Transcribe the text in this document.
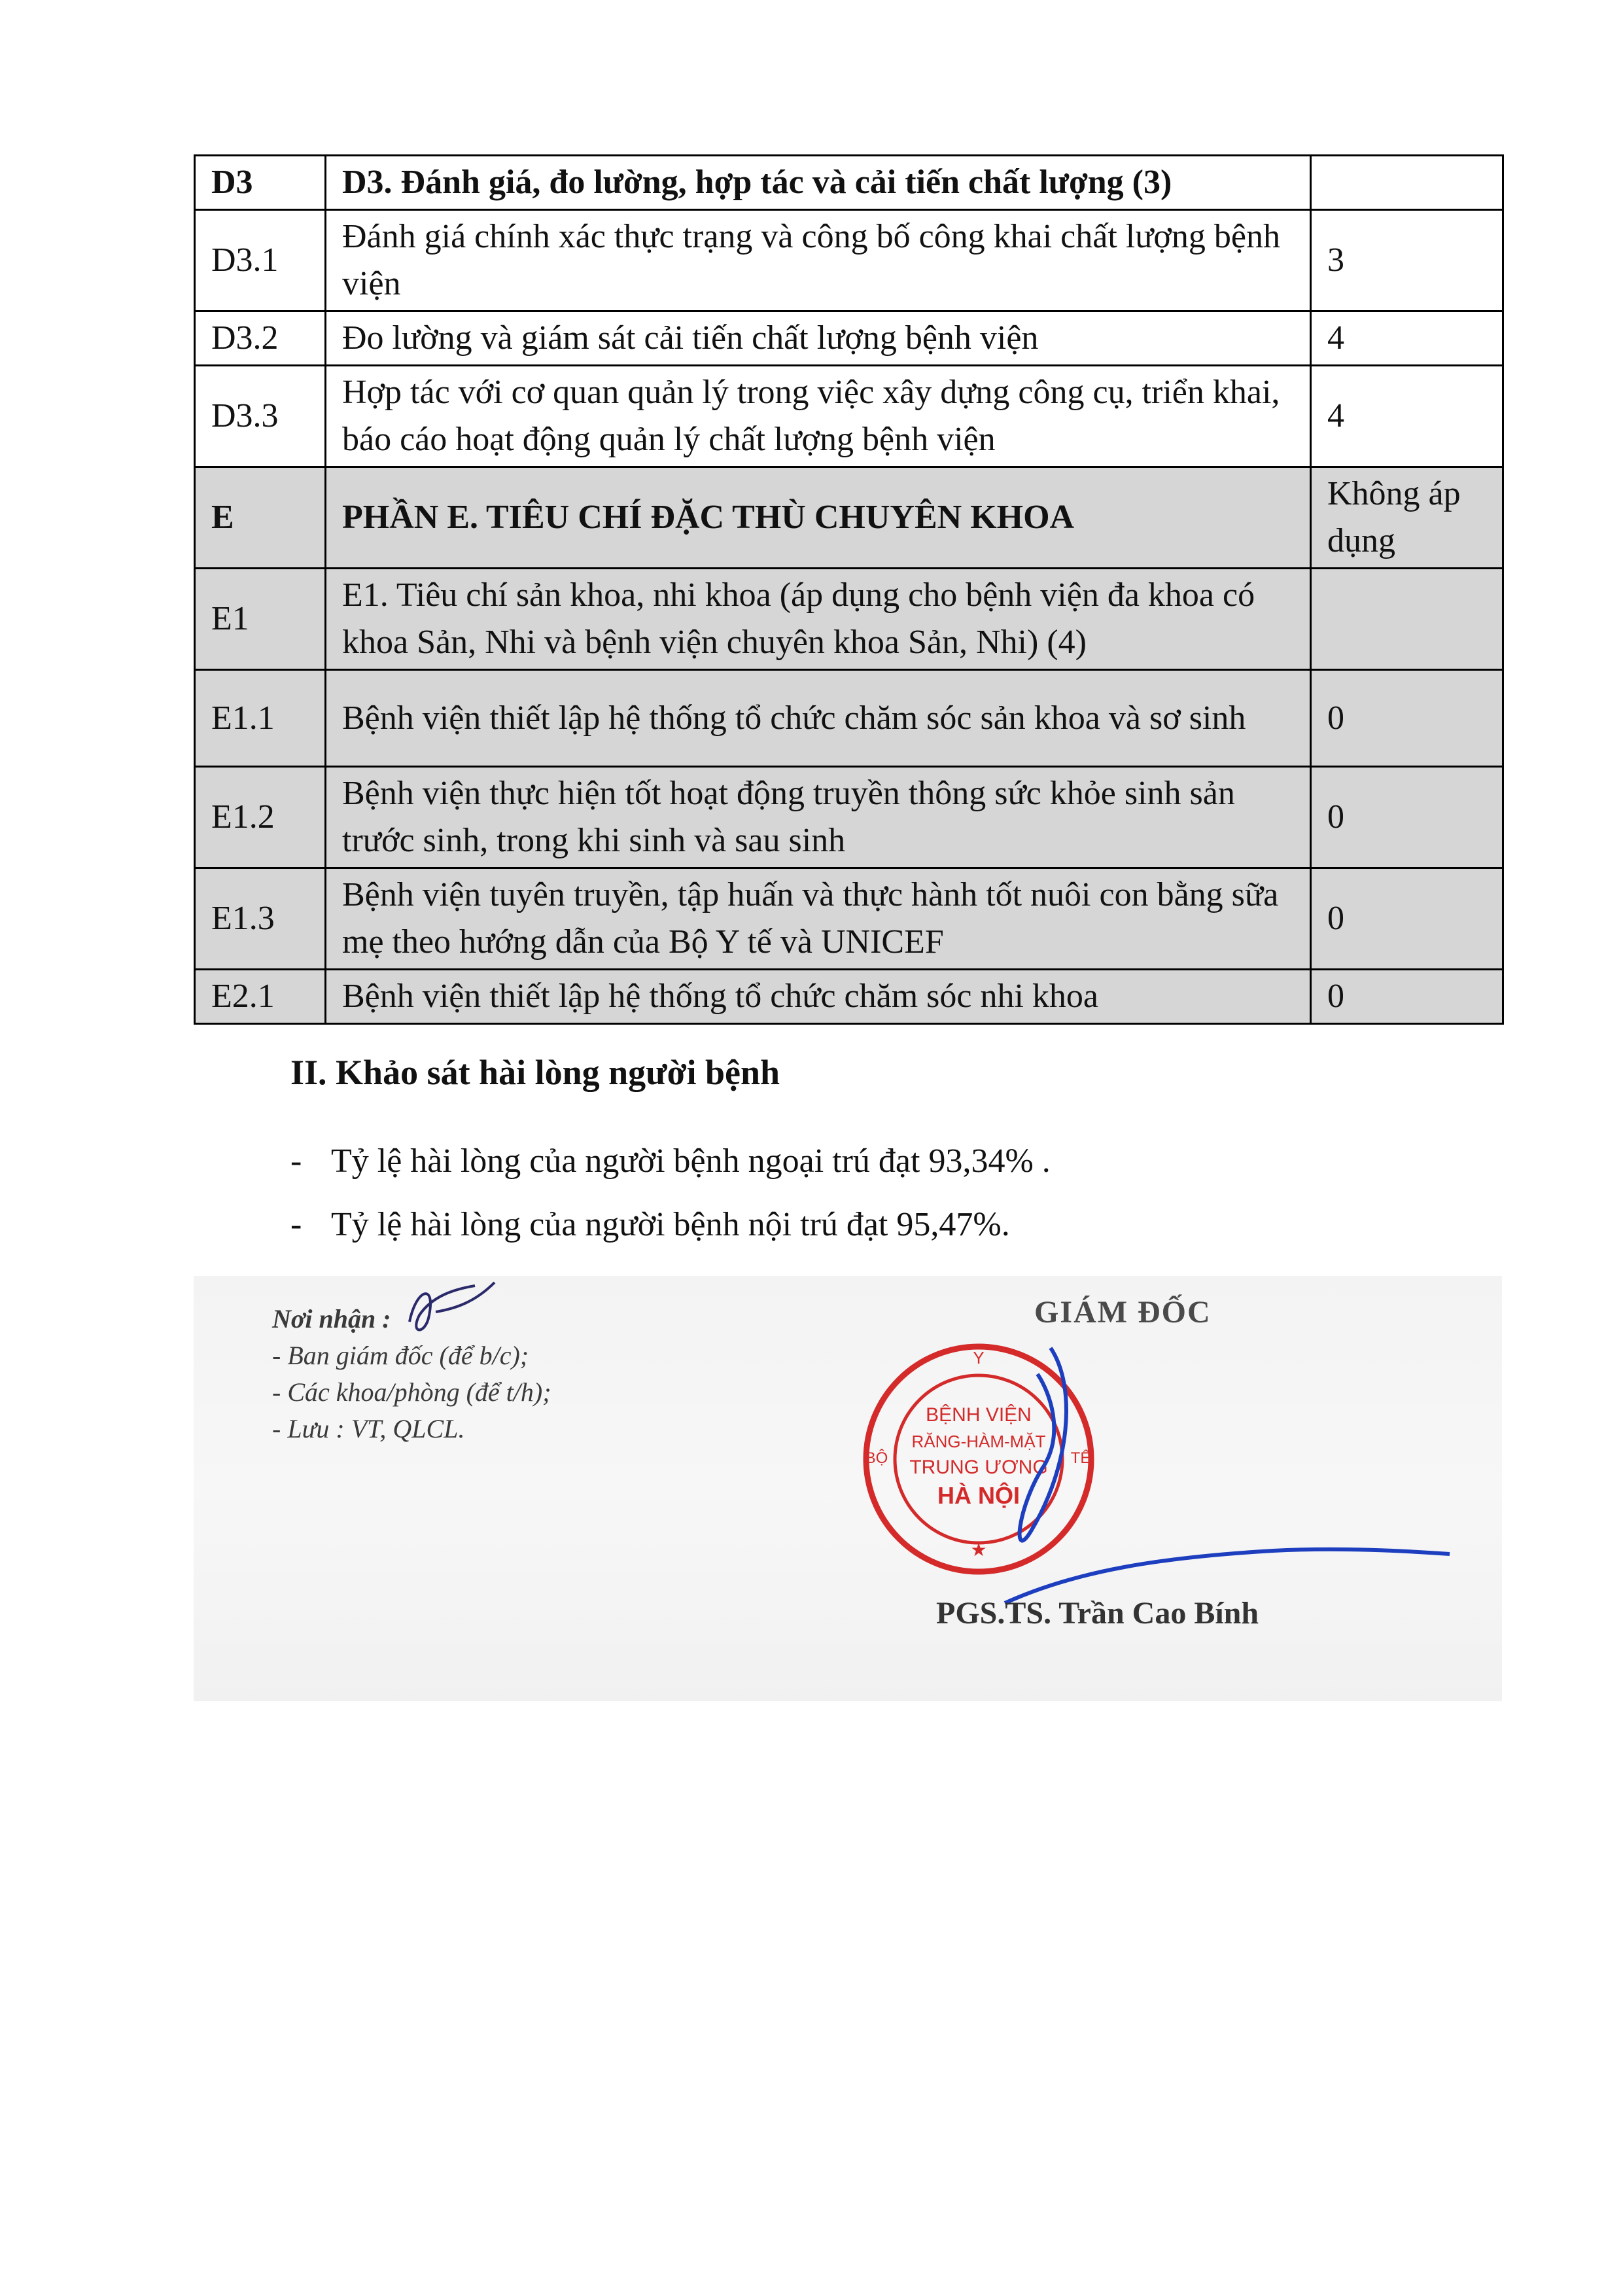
D3	D3. Đánh giá, đo lường, hợp tác và cải tiến chất lượng (3)	
D3.1	Đánh giá chính xác thực trạng và công bố công khai chất lượng bệnh viện	3
D3.2	Đo lường và giám sát cải tiến chất lượng bệnh viện	4
D3.3	Hợp tác với cơ quan quản lý trong việc xây dựng công cụ, triển khai, báo cáo hoạt động quản lý chất lượng bệnh viện	4
E	PHẦN E. TIÊU CHÍ ĐẶC THÙ CHUYÊN KHOA	Không áp dụng
E1	E1. Tiêu chí sản khoa, nhi khoa (áp dụng cho bệnh viện đa khoa có khoa Sản, Nhi và bệnh viện chuyên khoa Sản, Nhi) (4)	
E1.1	Bệnh viện thiết lập hệ thống tổ chức chăm sóc sản khoa và sơ sinh	0
E1.2	Bệnh viện thực hiện tốt hoạt động truyền thông sức khỏe sinh sản trước sinh, trong khi sinh và sau sinh	0
E1.3	Bệnh viện tuyên truyền, tập huấn và thực hành tốt nuôi con bằng sữa mẹ theo hướng dẫn của Bộ Y tế và UNICEF	0
E2.1	Bệnh viện thiết lập hệ thống tổ chức chăm sóc nhi khoa	0
II. Khảo sát hài lòng người bệnh
- Tỷ lệ hài lòng của người bệnh ngoại trú đạt 93,34% .
- Tỷ lệ hài lòng của người bệnh nội trú đạt 95,47%.
Nơi nhận :
- Ban giám đốc (để b/c);
- Các khoa/phòng (để t/h);
- Lưu : VT, QLCL.
GIÁM ĐỐC
Y
BỘ	TẾ
BỆNH VIỆN
RĂNG-HÀM-MẶT
TRUNG ƯƠNG
HÀ NỘI
★
PGS.TS. Trần Cao Bính
